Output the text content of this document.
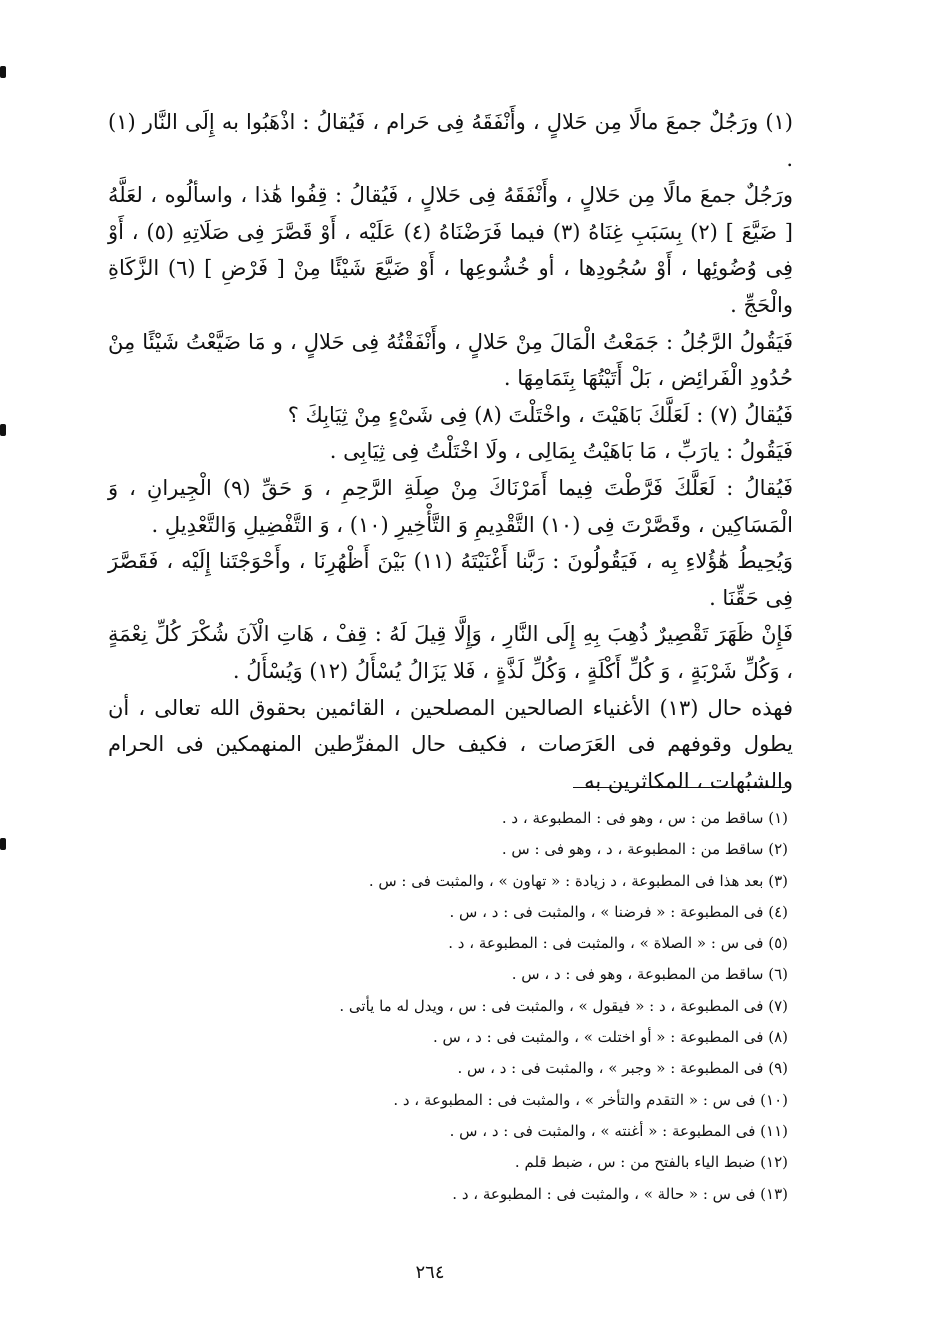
(١) ورَجُلٌ جمعَ مالًا مِن حَلالٍ ، وأَنْفَقَهُ فِى حَرام ، فَيُقالُ : اذْهَبُوا به إِلَى النَّار (١) .

ورَجُلٌ جمعَ مالًا مِن حَلالٍ ، وأَنْفَقَهُ فِى حَلالٍ ، فَيُقالُ : قِفُوا هَٰذا ، واسألُوه ، لعَلَّهُ [ ضَيَّعَ ] (٢) بِسَبَبِ غِنَاهُ (٣) فيما فَرَضْنَاهُ (٤) عَلَيْه ، أَوْ قَصَّرَ فِى صَلَاتِهِ (٥) ، أَوْ فِى وُضُوئِها ، أَوْ سُجُودِها ، أو خُشُوعِها ، أَوْ ضَيَّعَ شَيْئًا مِنْ [ فَرْضِ ] (٦) الزَّكَاةِ والْحَجِّ .

فَيَقُولُ الرَّجُلُ : جَمَعْتُ الْمَالَ مِنْ حَلالٍ ، وأَنْفَقْتُهُ فِى حَلالٍ ، و مَا ضَيَّعْتُ شَيْئًا مِنْ حُدُودِ الْفَرائِض ، بَلْ أَتَيْتُهَا بِتَمَامِهَا .

فَيُقالُ (٧) : لَعَلَّكَ بَاهَيْتَ ، واخْتَلْتَ (٨) فِى شَىْءٍ مِنْ ثِيَابِكَ ؟

فَيَقُولُ : يارَبِّ ، مَا بَاهَيْتُ بِمَالِى ، ولَا اخْتَلْتُ فِى ثِيَابِى .

فَيُقالُ : لَعَلَّكَ فَرَّطْتَ فِيما أَمَرْنَاكَ مِنْ صِلَةِ الرَّحِمِ ، وَ حَقِّ (٩) الْجِيرانِ ، وَ الْمَسَاكِين ، وقَصَّرْتَ فِى (١٠) التَّقْدِيمِ وَ التَّأْخِيرِ (١٠) ، وَ التَّفْضِيلِ وَالتَّعْدِيلِ .

وَيُحِيطُ هَٰؤُلاءِ بِه ، فَيَقُولُونَ : رَبَّنا أَغْنَيْتَهُ (١١) بَيْنَ أَظْهُرِنَا ، وأَحْوَجْتَنا إِلَيْه ، فَقَصَّرَ فِى حَقِّنَا .

فَإِنْ ظَهَرَ تَقْصِيرٌ ذُهِبَ بِهِ إِلَى النَّارِ ، وَإِلَّا قِيلَ لَهُ : قِفْ ، هَاتِ الْآنَ شُكْرَ كُلِّ نِعْمَةٍ ، وَكُلِّ شَرْبَةٍ ، وَ كُلِّ أَكْلَةٍ ، وَكُلِّ لَذَّةٍ ، فَلا يَزَالُ يُسْأَلُ (١٢) وَيُسْأَلُ .

فهذه حال (١٣) الأغنياء الصالحين المصلحين ، القائمين بحقوق الله تعالى ، أن يطول وقوفهم فى العَرَصات ، فكيف حال المفرِّطين المنهمكين فى الحرام والشبُهات ، المكاثرين به

(١) ساقط من : س ، وهو فى : المطبوعة ، د .

(٢) ساقط من : المطبوعة ، د ، وهو فى : س .

(٣) بعد هذا فى المطبوعة ، د زيادة : « تهاون » ، والمثبت فى : س .

(٤) فى المطبوعة : « فرضنا » ، والمثبت فى : د ، س .

(٥) فى س : « الصلاة » ، والمثبت فى : المطبوعة ، د .

(٦) ساقط من المطبوعة ، وهو فى : د ، س .

(٧) فى المطبوعة ، د : « فيقول » ، والمثبت فى : س ، ويدل له ما يأتى .

(٨) فى المطبوعة : « أو اختلت » ، والمثبت فى : د ، س .

(٩) فى المطبوعة : « وجبر » ، والمثبت فى : د ، س .

(١٠) فى س : « التقدم والتأخر » ، والمثبت فى : المطبوعة ، د .

(١١) فى المطبوعة : « أغنته » ، والمثبت فى : د ، س .

(١٢) ضبط الياء بالفتح من : س ، ضبط قلم .

(١٣) فى س : « حالة » ، والمثبت فى : المطبوعة ، د .

٢٦٤
